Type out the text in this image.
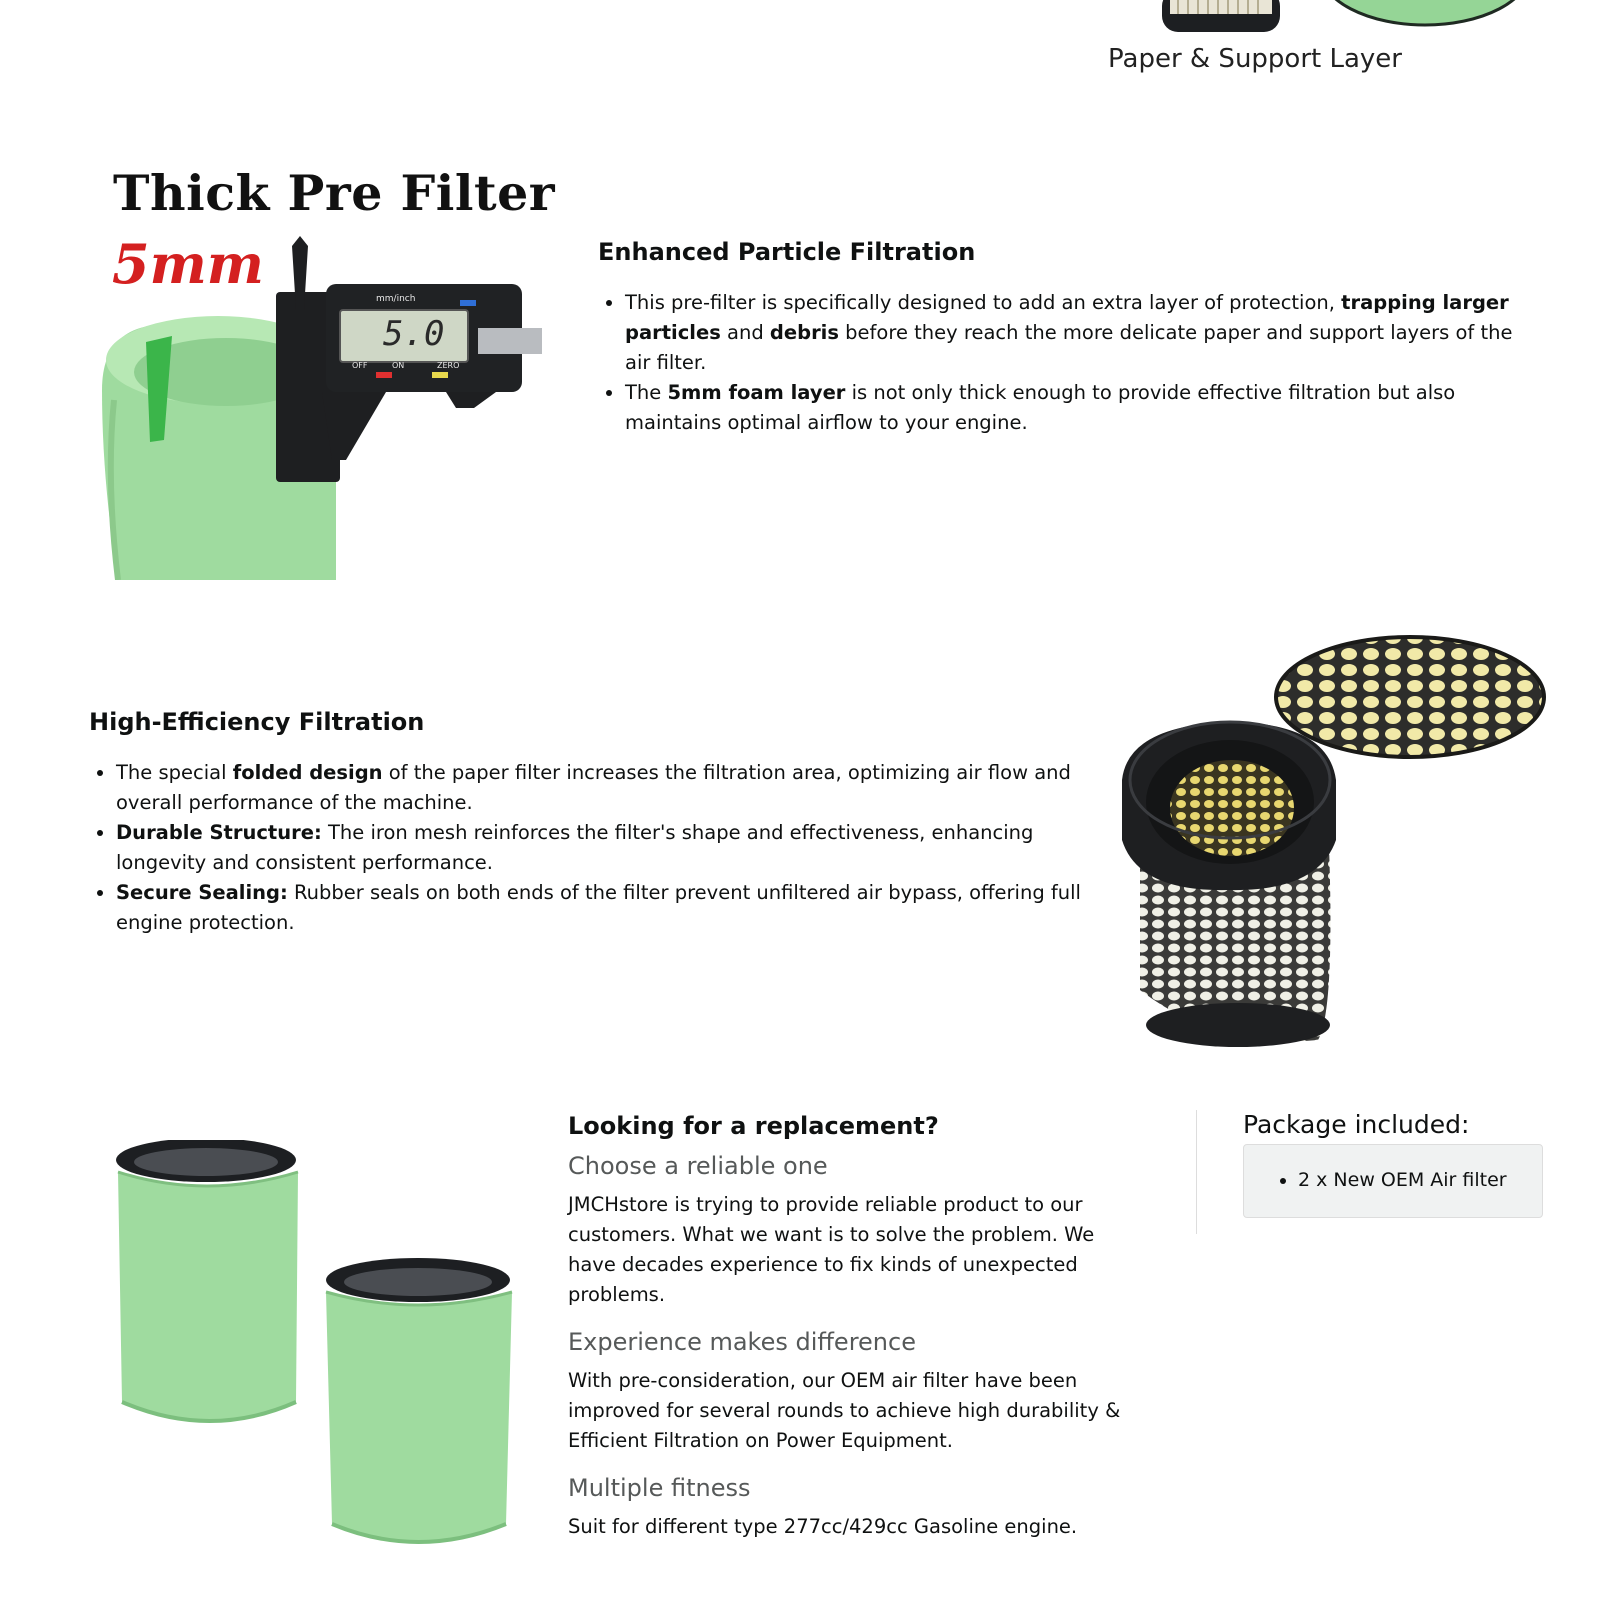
Paper & Support Layer
Thick Pre Filter
5mm
5.0
mm/inch
OFF	ON	ZERO
Enhanced Particle Filtration
• This pre-filter is specifically designed to add an extra layer of protection, trapping larger particles and debris before they reach the more delicate paper and support layers of the air filter.
• The 5mm foam layer is not only thick enough to provide effective filtration but also maintains optimal airflow to your engine.
High-Efficiency Filtration
• The special folded design of the paper filter increases the filtration area, optimizing air flow and overall performance of the machine.
• Durable Structure: The iron mesh reinforces the filter's shape and effectiveness, enhancing longevity and consistent performance.
• Secure Sealing: Rubber seals on both ends of the filter prevent unfiltered air bypass, offering full engine protection.
Looking for a replacement?
Choose a reliable one

JMCHstore is trying to provide reliable product to our customers. What we want is to solve the problem. We have decades experience to fix kinds of unexpected problems.

Experience makes difference

With pre-consideration, our OEM air filter have been improved for several rounds to achieve high durability & Efficient Filtration on Power Equipment.

Multiple fitness

Suit for different type 277cc/429cc Gasoline engine.

Package included:
• 2 x New OEM Air filter
